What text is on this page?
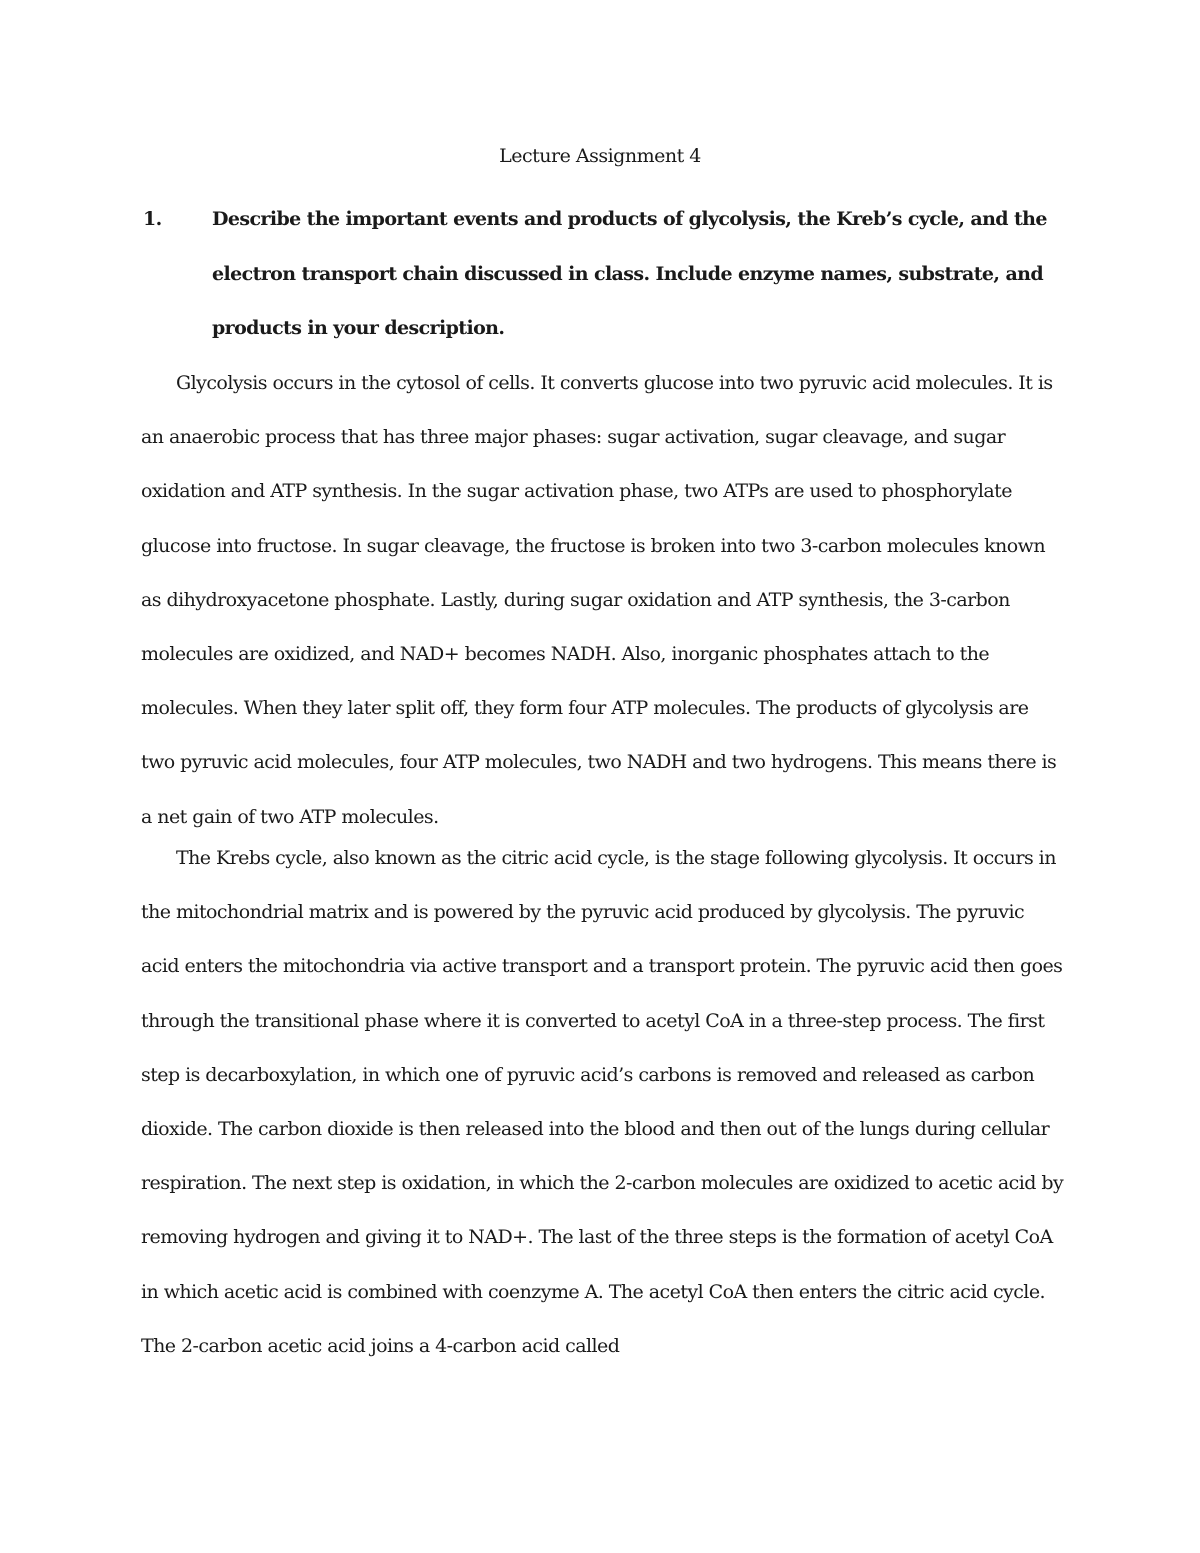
Lecture Assignment 4
1.	Describe the important events and products of glycolysis, the Kreb’s cycle, and the electron transport chain discussed in class. Include enzyme names, substrate, and products in your description.

Glycolysis occurs in the cytosol of cells. It converts glucose into two pyruvic acid molecules. It is an anaerobic process that has three major phases: sugar activation, sugar cleavage, and sugar oxidation and ATP synthesis. In the sugar activation phase, two ATPs are used to phosphorylate glucose into fructose. In sugar cleavage, the fructose is broken into two 3-carbon molecules known as dihydroxyacetone phosphate. Lastly, during sugar oxidation and ATP synthesis, the 3-carbon molecules are oxidized, and NAD+ becomes NADH. Also, inorganic phosphates attach to the molecules. When they later split off, they form four ATP molecules. The products of glycolysis are two pyruvic acid molecules, four ATP molecules, two NADH and two hydrogens. This means there is a net gain of two ATP molecules.

The Krebs cycle, also known as the citric acid cycle, is the stage following glycolysis. It occurs in the mitochondrial matrix and is powered by the pyruvic acid produced by glycolysis. The pyruvic acid enters the mitochondria via active transport and a transport protein. The pyruvic acid then goes through the transitional phase where it is converted to acetyl CoA in a three-step process. The first step is decarboxylation, in which one of pyruvic acid’s carbons is removed and released as carbon dioxide. The carbon dioxide is then released into the blood and then out of the lungs during cellular respiration. The next step is oxidation, in which the 2-carbon molecules are oxidized to acetic acid by removing hydrogen and giving it to NAD+. The last of the three steps is the formation of acetyl CoA in which acetic acid is combined with coenzyme A. The acetyl CoA then enters the citric acid cycle. The 2-carbon acetic acid joins a 4-carbon acid called
